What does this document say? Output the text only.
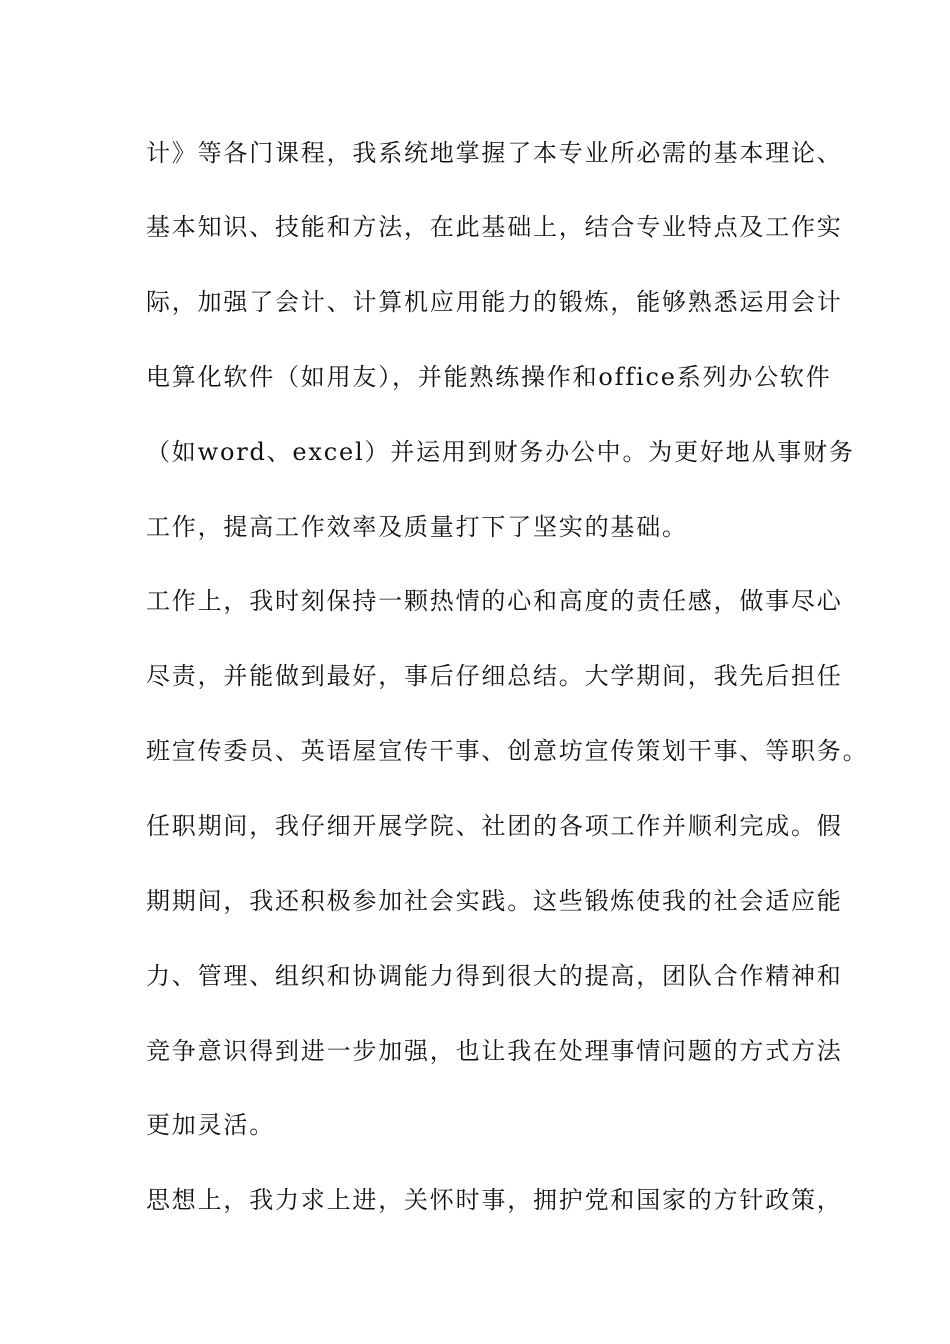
计》等各门课程，我系统地掌握了本专业所必需的基本理论、
基本知识、技能和方法，在此基础上，结合专业特点及工作实
际，加强了会计、计算机应用能力的锻炼，能够熟悉运用会计
电算化软件（如用友），并能熟练操作和office系列办公软件
（如word、excel）并运用到财务办公中。为更好地从事财务
工作，提高工作效率及质量打下了坚实的基础。
工作上，我时刻保持一颗热情的心和高度的责任感，做事尽心
尽责，并能做到最好，事后仔细总结。大学期间，我先后担任
班宣传委员、英语屋宣传干事、创意坊宣传策划干事、等职务。
任职期间，我仔细开展学院、社团的各项工作并顺利完成。假
期期间，我还积极参加社会实践。这些锻炼使我的社会适应能
力、管理、组织和协调能力得到很大的提高，团队合作精神和
竞争意识得到进一步加强，也让我在处理事情问题的方式方法
更加灵活。
思想上，我力求上进，关怀时事，拥护党和国家的方针政策，
